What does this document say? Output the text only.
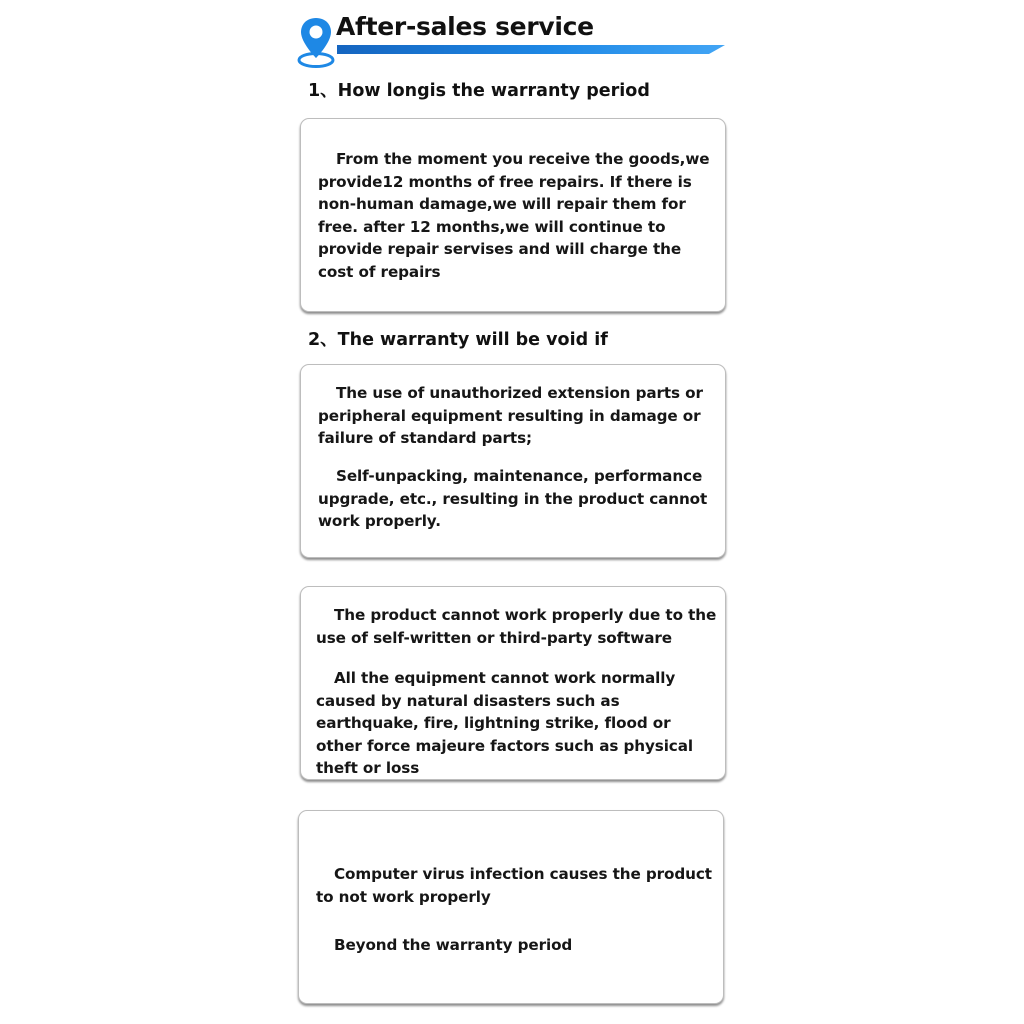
After-sales service
1、How longis the warranty period
From the moment you receive the goods,we provide12 months of free repairs. If there is non-human damage,we will repair them for free. after 12 months,we will continue to provide repair servises and will charge the cost of repairs
2、The warranty will be void if
The use of unauthorized extension parts or peripheral equipment resulting in damage or failure of standard parts;
Self-unpacking, maintenance, performance upgrade, etc., resulting in the product cannot work properly.
The product cannot work properly due to the use of self-written or third-party software
All the equipment cannot work normally caused by natural disasters such as earthquake, fire, lightning strike, flood or other force majeure factors such as physical theft or loss
Computer virus infection causes the product to not work properly
Beyond the warranty period
